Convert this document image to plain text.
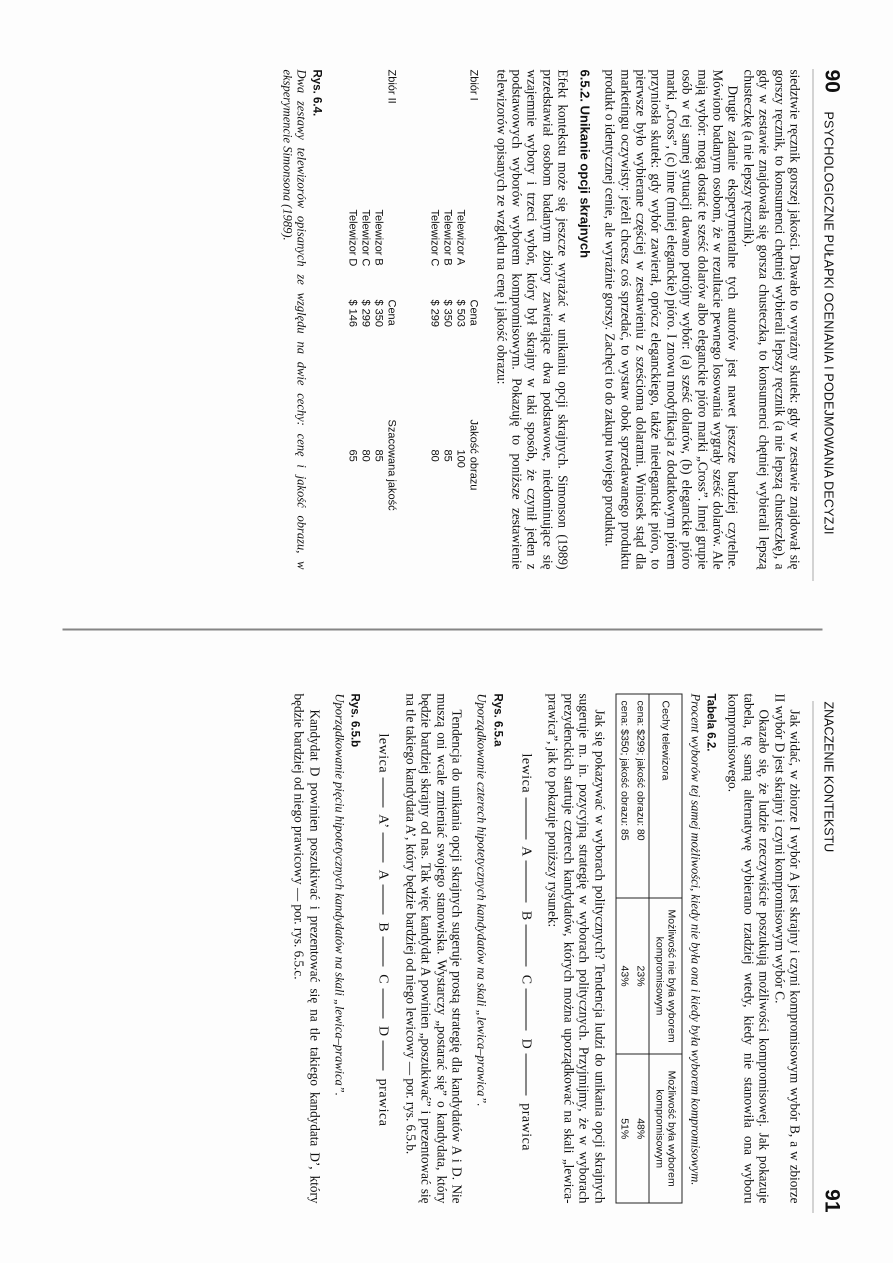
90
PSYCHOLOGICZNE PUŁAPKI OCENIANIA I PODEJMOWANIA DECYZJI

siedztwie ręcznik gorszej jakości. Dawało to wyraźny skutek: gdy w zestawie znajdował się gorszy ręcznik, to konsumenci chętniej wybierali lepszy ręcznik (a nie lepszą chusteczkę), a gdy w zestawie znajdowała się gorsza chusteczka, to konsumenci chętniej wybierali lepszą chusteczkę (a nie lepszy ręcznik).

Drugie zadanie eksperymentalne tych autorów jest nawet jeszcze bardziej czytelne. Mówiono badanym osobom, że w rezultacie pewnego losowania wygrały sześć dolarów. Ale mają wybór: mogą dostać te sześć dolarów albo eleganckie pióro marki „Cross”. Innej grupie osób w tej samej sytuacji dawano potrójny wybór: (a) sześć dolarów, (b) eleganckie pióro marki „Cross”, (c) inne (mniej eleganckie) pióro. I znowu modyfikacja z dodatkowym piórem przyniosła skutek: gdy wybór zawierał, oprócz eleganckiego, także nieeleganckie pióro, to pierwsze było wybierane częściej w zestawieniu z sześcioma dolarami. Wniosek stąd dla marketingu oczywisty: jeżeli chcesz coś sprzedać, to wystaw obok sprzedawanego produktu produkt o identycznej cenie, ale wyraźnie gorszy. Zachęci to do zakupu twojego produktu.

6.5.2. Unikanie opcji skrajnych

Efekt kontekstu może się jeszcze wyrażać w unikaniu opcji skrajnych. Simonson (1989) przedstawiał osobom badanym zbiory zawierające dwa podstawowe, niedominujące się wzajemnie wybory i trzeci wybór, który był skrajny w taki sposób, że czynił jeden z podstawowych wyborów wyborem kompromisowym. Pokazuję to poniższe zestawienie telewizorów opisanych ze względu na cenę i jakość obrazu:

Zbiór I		Cena	Jakość obrazu
	Telewizor A	$ 503	100
	Telewizor B	$ 350	85
	Telewizor C	$ 299	80
Zbiór II		Cena	Szacowana jakość
	Telewizor B	$ 350	85
	Telewizor C	$ 299	80
	Telewizor D	$ 146	65
Rys. 6.4.
Dwa zestawy telewizorów opisanych ze względu na dwie cechy: cenę i jakość obrazu, w eksperymencie Simonsona (1989).
ZNACZENIE KONTEKSTU
91

Jak widać, w zbiorze I wybór A jest skrajny i czyni kompromisowym wybór B, a w zbiorze II wybór D jest skrajny i czyni kompromisowym wybór C.

Okazało się, że ludzie rzeczywiście poszukują możliwości kompromisowej. Jak pokazuje tabela, tę samą alternatywę wybierano rzadziej wtedy, kiedy nie stanowiła ona wyboru kompromisowego.

Tabela 6.2.
Procent wyborów tej samej możliwości, kiedy nie była ona i kiedy była wyborem kompromisowym.
Cechy telewizora	Możliwość nie była wyborem kompromisowym	Możliwość była wyborem kompromisowym
cena: $299; jakość obrazu: 80	23%	48%
cena: $350; jakość obrazu: 85	43%	51%

Jak się pokazywać w wyborach politycznych? Tendencja ludzi do unikania opcji skrajnych sugeruje m. in. pozycyjną strategię w wyborach politycznych. Przyjmijmy, że w wyborach prezydenckich startuje czterech kandydatów, których można uporządkować na skali „lewica-prawica”, jak to pokazuje poniższy rysunek:

lewica A B C D prawica
Rys. 6.5.a
Uporządkowanie czterech hipotetycznych kandydatów na skali „lewica–prawica”.

Tendencja do unikania opcji skrajnych sugeruje prostą strategię dla kandydatów A i D. Nie muszą oni wcale zmieniać swojego stanowiska. Wystarczy „postarać się” o kandydata, który będzie bardziej skrajny od nas. Tak więc kandydat A powinien „poszukiwać” i prezentować się na tle takiego kandydata A’, który będzie bardziej od niego lewicowy — por. rys. 6.5.b.

lewica A’ A B C D prawica
Rys. 6.5.b
Uporządkowanie pięciu hipotetycznych kandydatów na skali „lewica–prawica”.

Kandydat D powinien poszukiwać i prezentować się na tle takiego kandydata D’, który będzie bardziej od niego prawicowy — por. rys. 6.5.c.
